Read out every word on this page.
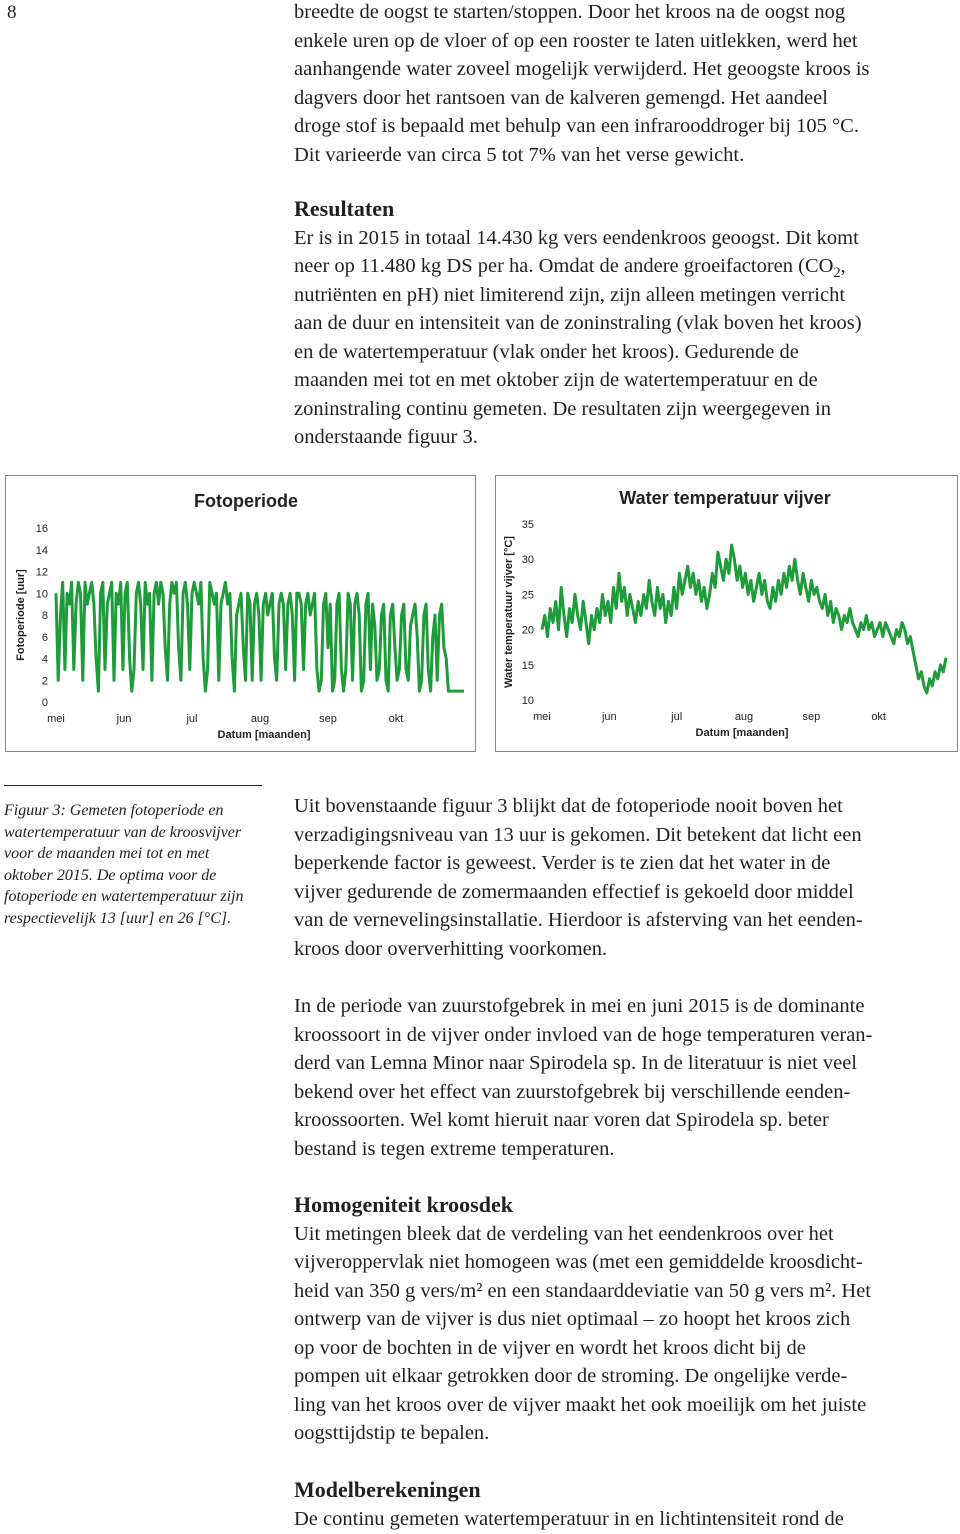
8	breedte de oogst te starten/stoppen. Door het kroos na de oogst nog

enkele uren op de vloer of op een rooster te laten uitlekken, werd het

aanhangende water zoveel mogelijk verwijderd. Het geoogste kroos is

dagvers door het rantsoen van de kalveren gemengd. Het aandeel

droge stof is bepaald met behulp van een infrarooddroger bij 105 °C.

Dit varieerde van circa 5 tot 7% van het verse gewicht.

Resultaten

Er is in 2015 in totaal 14.430 kg vers eendenkroos geoogst. Dit komt

neer op 11.480 kg DS per ha. Omdat de andere groeifactoren ($CO_2$,

nutriënten en pH) niet limiterend zijn, zijn alleen metingen verricht

aan de duur en intensiteit van de zoninstraling (vlak boven het kroos)

en de watertemperatuur (vlak onder het kroos). Gedurende de

maanden mei tot en met oktober zijn de watertemperatuur en de

zoninstraling continu gemeten. De resultaten zijn weergegeven in

onderstaande figuur 3.

Fotoperiode
Datum [maanden]
0
2
4
6
8
10
12
14
16
mei	jun	jul	aug	sep	okt
Fotoperiode [uur]
Water temperatuur vijver
Datum [maanden]
10
15
20
25
30
35
mei	jun	jul	aug	sep	okt
Water temperatuur vijver [°C]
Figuur 3: Gemeten fotoperiode en watertemperatuur van de kroosvijver voor de maanden mei tot en met oktober 2015. De optima voor de fotoperiode en watertemperatuur zijn respectievelijk 13 [uur] en 26 [°C].

Uit bovenstaande figuur 3 blijkt dat de fotoperiode nooit boven het

verzadigingsniveau van 13 uur is gekomen. Dit betekent dat licht een

beperkende factor is geweest. Verder is te zien dat het water in de

vijver gedurende de zomermaanden effectief is gekoeld door middel

van de vernevelingsinstallatie. Hierdoor is afsterving van het eenden-

kroos door oververhitting voorkomen.

In de periode van zuurstofgebrek in mei en juni 2015 is de dominante

kroossoort in de vijver onder invloed van de hoge temperaturen veran-

derd van Lemna Minor naar Spirodela sp. In de literatuur is niet veel

bekend over het effect van zuurstofgebrek bij verschillende eenden-

kroossoorten. Wel komt hieruit naar voren dat Spirodela sp. beter

bestand is tegen extreme temperaturen.

Homogeniteit kroosdek

Uit metingen bleek dat de verdeling van het eendenkroos over het

vijveroppervlak niet homogeen was (met een gemiddelde kroosdicht-

heid van 350 g vers/m² en een standaarddeviatie van 50 g vers m². Het

ontwerp van de vijver is dus niet optimaal – zo hoopt het kroos zich

op voor de bochten in de vijver en wordt het kroos dicht bij de

pompen uit elkaar getrokken door de stroming. De ongelijke verde-

ling van het kroos over de vijver maakt het ook moeilijk om het juiste

oogsttijdstip te bepalen.

Modelberekeningen

De continu gemeten watertemperatuur in en lichtintensiteit rond de
